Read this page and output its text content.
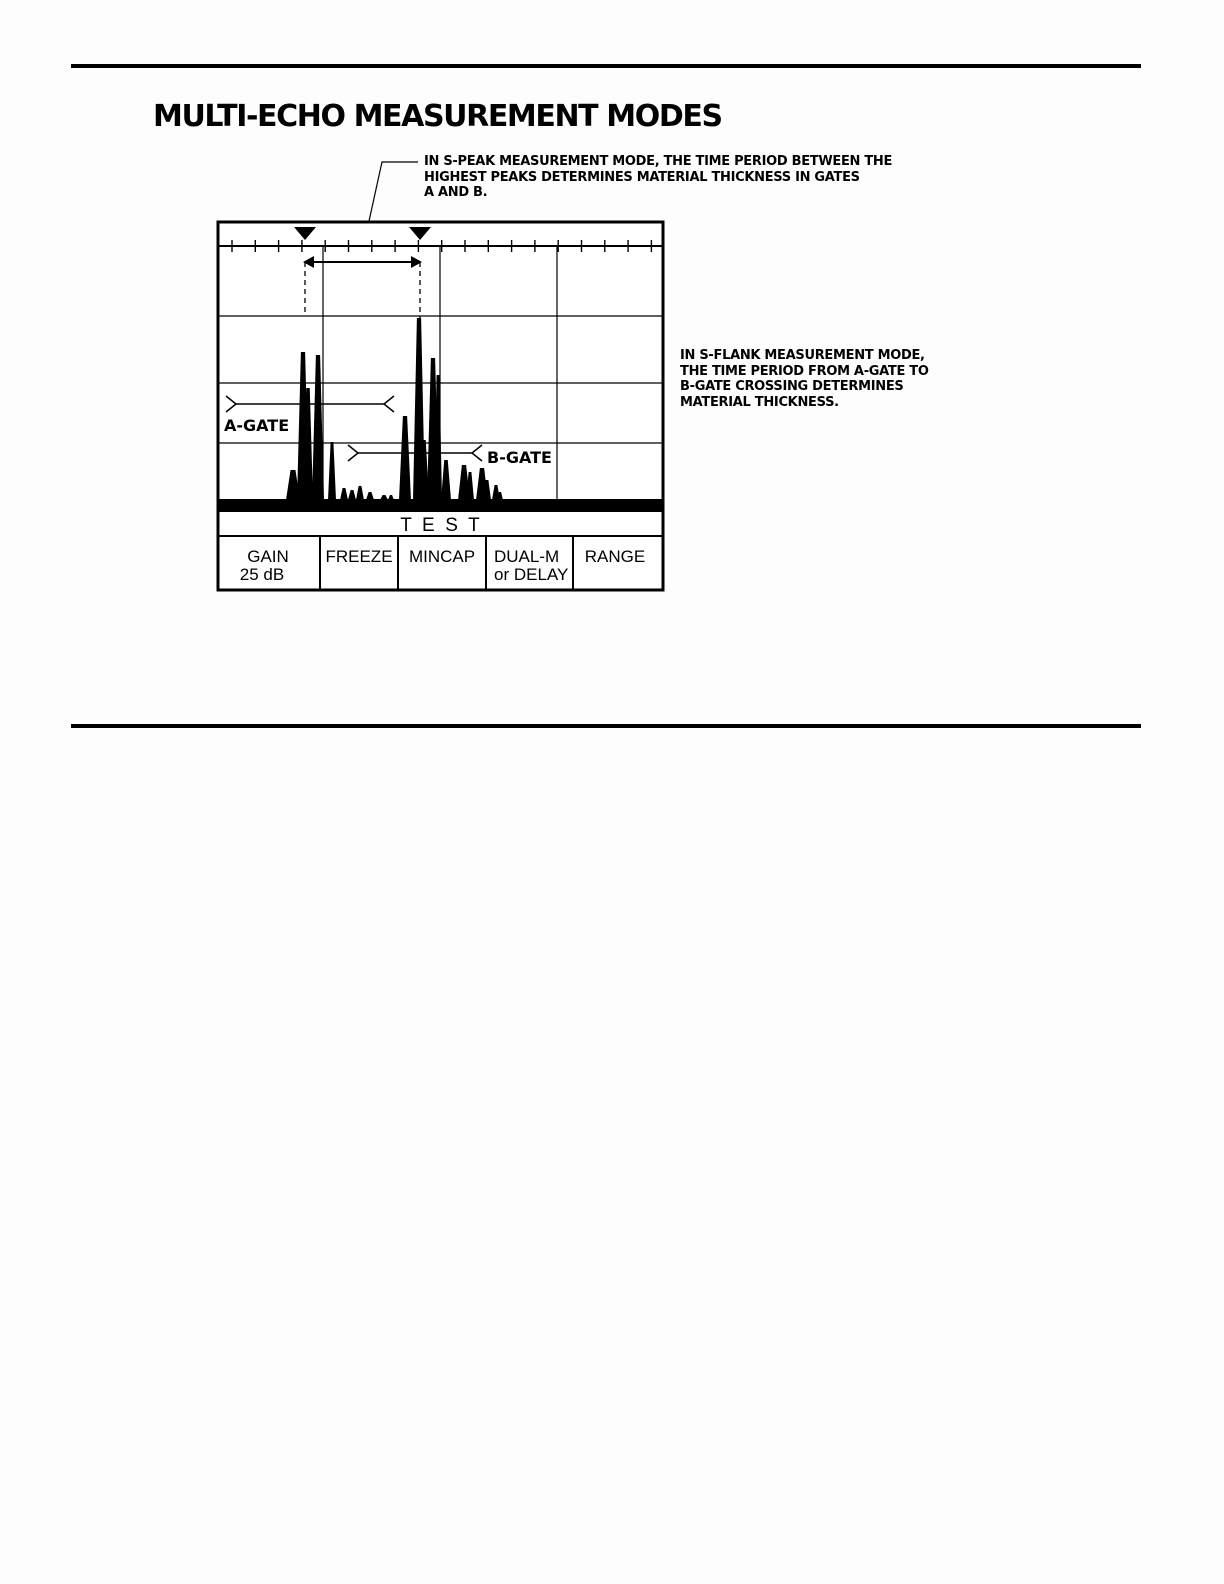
MULTI-ECHO MEASUREMENT MODES

IN S-PEAK MEASUREMENT MODE, THE TIME PERIOD BETWEEN THE
HIGHEST PEAKS DETERMINES MATERIAL THICKNESS IN GATES
A AND B.

IN S-FLANK MEASUREMENT MODE,
THE TIME PERIOD FROM A-GATE TO
B-GATE CROSSING DETERMINES
MATERIAL THICKNESS.

A-GATE
B-GATE
T  E  S  T
GAIN
25 dB
FREEZE MINCAP DUAL-M
or DELAY
RANGE
